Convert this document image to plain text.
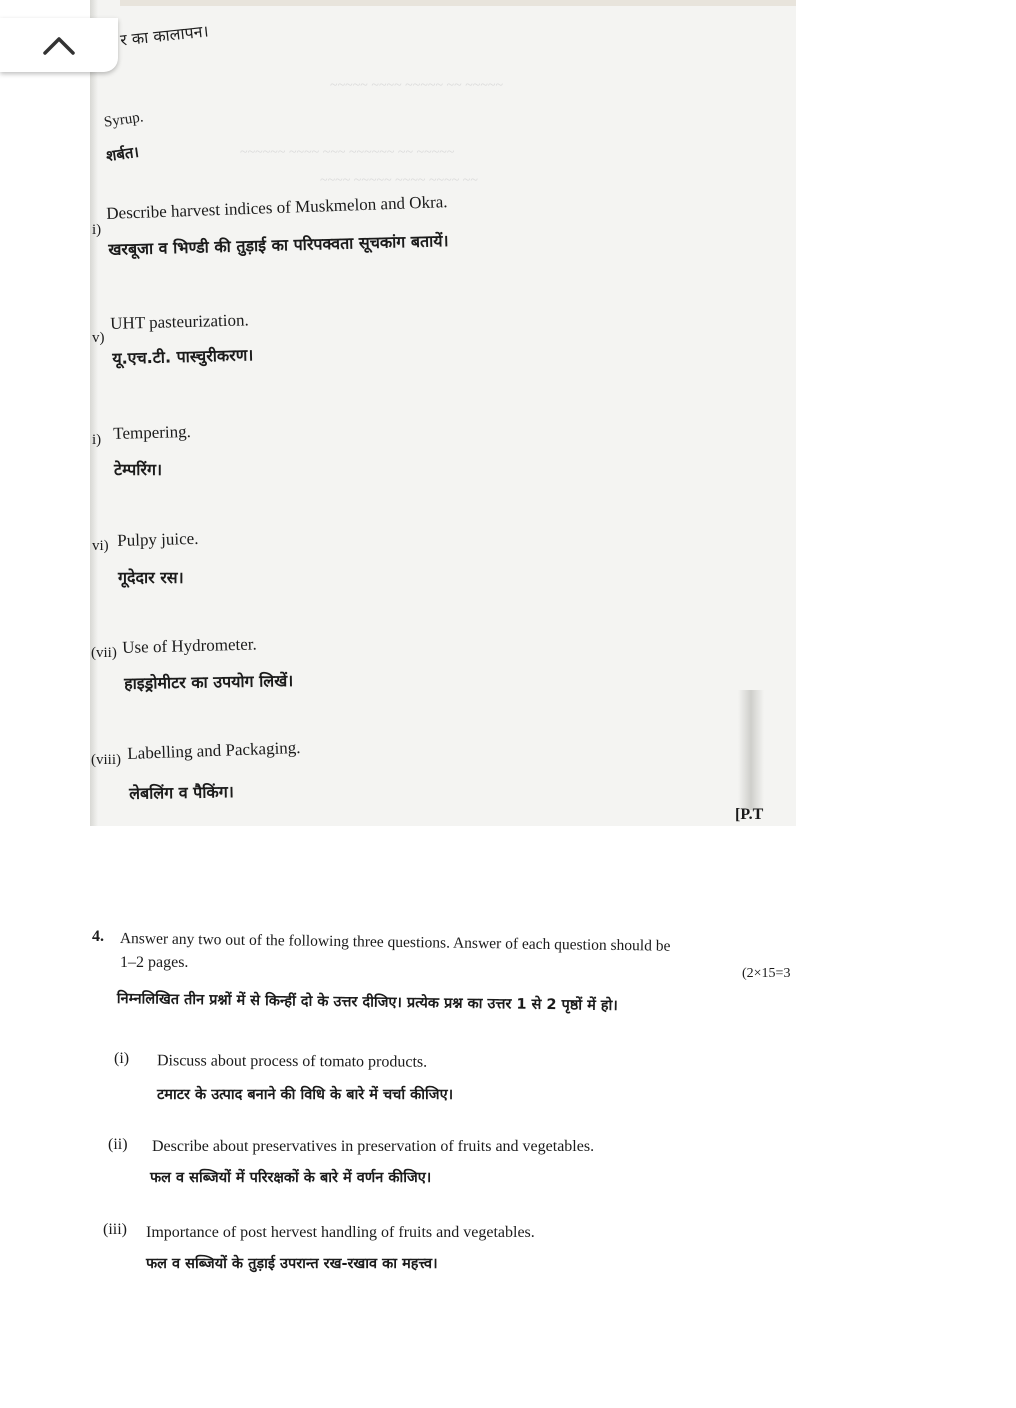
~~~~~ ~~~~ ~~~~~ ~~ ~~~~~
~~~~~~ ~~~~ ~~~ ~~~~~~ ~~ ~~~~~
~~~~ ~~~~~ ~~~~ ~~~~ ~~
र का कालापन।
Syrup.
शर्बत।
i)
Describe harvest indices of Muskmelon and Okra.
खरबूजा व भिण्डी की तुड़ाई का परिपक्वता सूचकांग बतायें।
v)
UHT pasteurization.
यू.एच.टी. पास्चुरीकरण।
i) Tempering.
टेम्परिंग।
vi) Pulpy juice.
गूदेदार रस।
(vii) Use of Hydrometer.
हाइड्रोमीटर का उपयोग लिखें।
(viii) Labelling and Packaging.
लेबलिंग व पैकिंग।
[P.T
4. Answer any two out of the following three questions. Answer of each question should be
1–2 pages.
(2×15=3
निम्नलिखित तीन प्रश्नों में से किन्हीं दो के उत्तर दीजिए। प्रत्येक प्रश्न का उत्तर 1 से 2 पृष्ठों में हो।
(i) Discuss about process of tomato products.
टमाटर के उत्पाद बनाने की विधि के बारे में चर्चा कीजिए।
(ii) Describe about preservatives in preservation of fruits and vegetables.
फल व सब्जियों में परिरक्षकों के बारे में वर्णन कीजिए।
(iii) Importance of post hervest handling of fruits and vegetables.
फल व सब्जियों के तुड़ाई उपरान्त रख-रखाव का महत्त्व।
